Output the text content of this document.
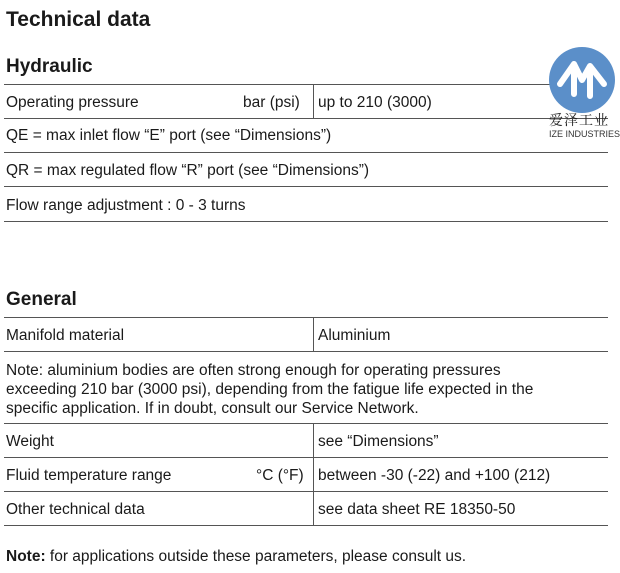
Technical data
Hydraulic
Operating pressure	bar (psi) up to 210 (3000)
QE = max inlet flow “E” port (see “Dimensions”)
QR = max regulated flow “R” port (see “Dimensions”)
Flow range adjustment : 0 - 3 turns
General
Manifold material	Aluminium
Note: aluminium bodies are often strong enough for operating pressures
exceeding 210 bar (3000 psi), depending from the fatigue life expected in the
specific application. If in doubt, consult our Service Network.
Weight	see “Dimensions”
Fluid temperature range	°C (°F) between -30 (-22) and +100 (212)
Other technical data	see data sheet RE 18350-50
Note: for applications outside these parameters, please consult us.
爱泽工业
IZE INDUSTRIES
